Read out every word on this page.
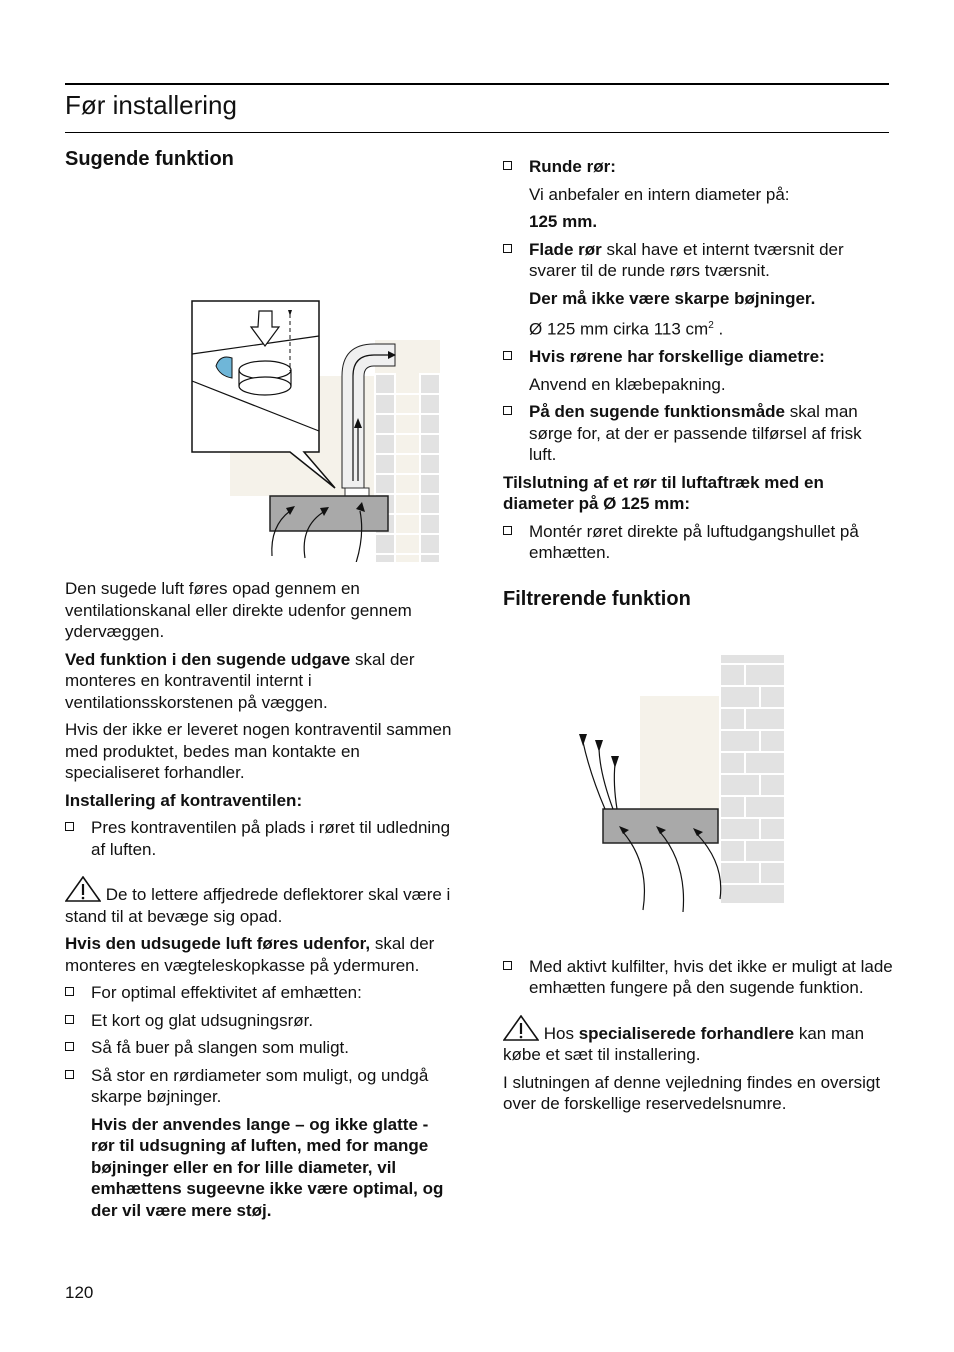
Før installering
Sugende funktion

Den sugede luft føres opad gennem en ventilationskanal eller direkte udenfor gennem ydervæggen.

Ved funktion i den sugende udgave skal der monteres en kontraventil internt i ventilationsskorstenen på væggen.

Hvis der ikke er leveret nogen kontraventil sammen med produktet, bedes man kontakte en specialiseret forhandler.

Installering af kontraventilen:

Pres kontraventilen på plads i røret til udledning af luften.
De to lettere affjedrede deflektorer skal være i stand til at bevæge sig opad.

Hvis den udsugede luft føres udenfor, skal der monteres en vægteleskopkasse på ydermuren.

For optimal effektivitet af emhætten:
Et kort og glat udsugningsrør.
Så få buer på slangen som muligt.
Så stor en rørdiameter som muligt, og undgå skarpe bøjninger.

Hvis der anvendes lange – og ikke glatte - rør til udsugning af luften, med for mange bøjninger eller en for lille diameter, vil emhættens sugeevne ikke være optimal, og der vil være mere støj.

Runde rør:

Vi anbefaler en intern diameter på:

125 mm.

Flade rør skal have et internt tværsnit der svarer til de runde rørs tværsnit.

Der må ikke være skarpe bøjninger.

Ø 125 mm cirka 113 $cm^2$ .

Hvis rørene har forskellige diametre:

Anvend en klæbepakning.

På den sugende funktionsmåde skal man sørge for, at der er passende tilførsel af frisk luft.

Tilslutning af et rør til luftaftræk med en diameter på Ø 125 mm:

Montér røret direkte på luftudgangshullet på emhætten.
Filtrerende funktion
Med aktivt kulfilter, hvis det ikke er muligt at lade emhætten fungere på den sugende funktion.
Hos specialiserede forhandlere kan man købe et sæt til installering.

I slutningen af denne vejledning findes en oversigt over de forskellige reservedelsnumre.

120
